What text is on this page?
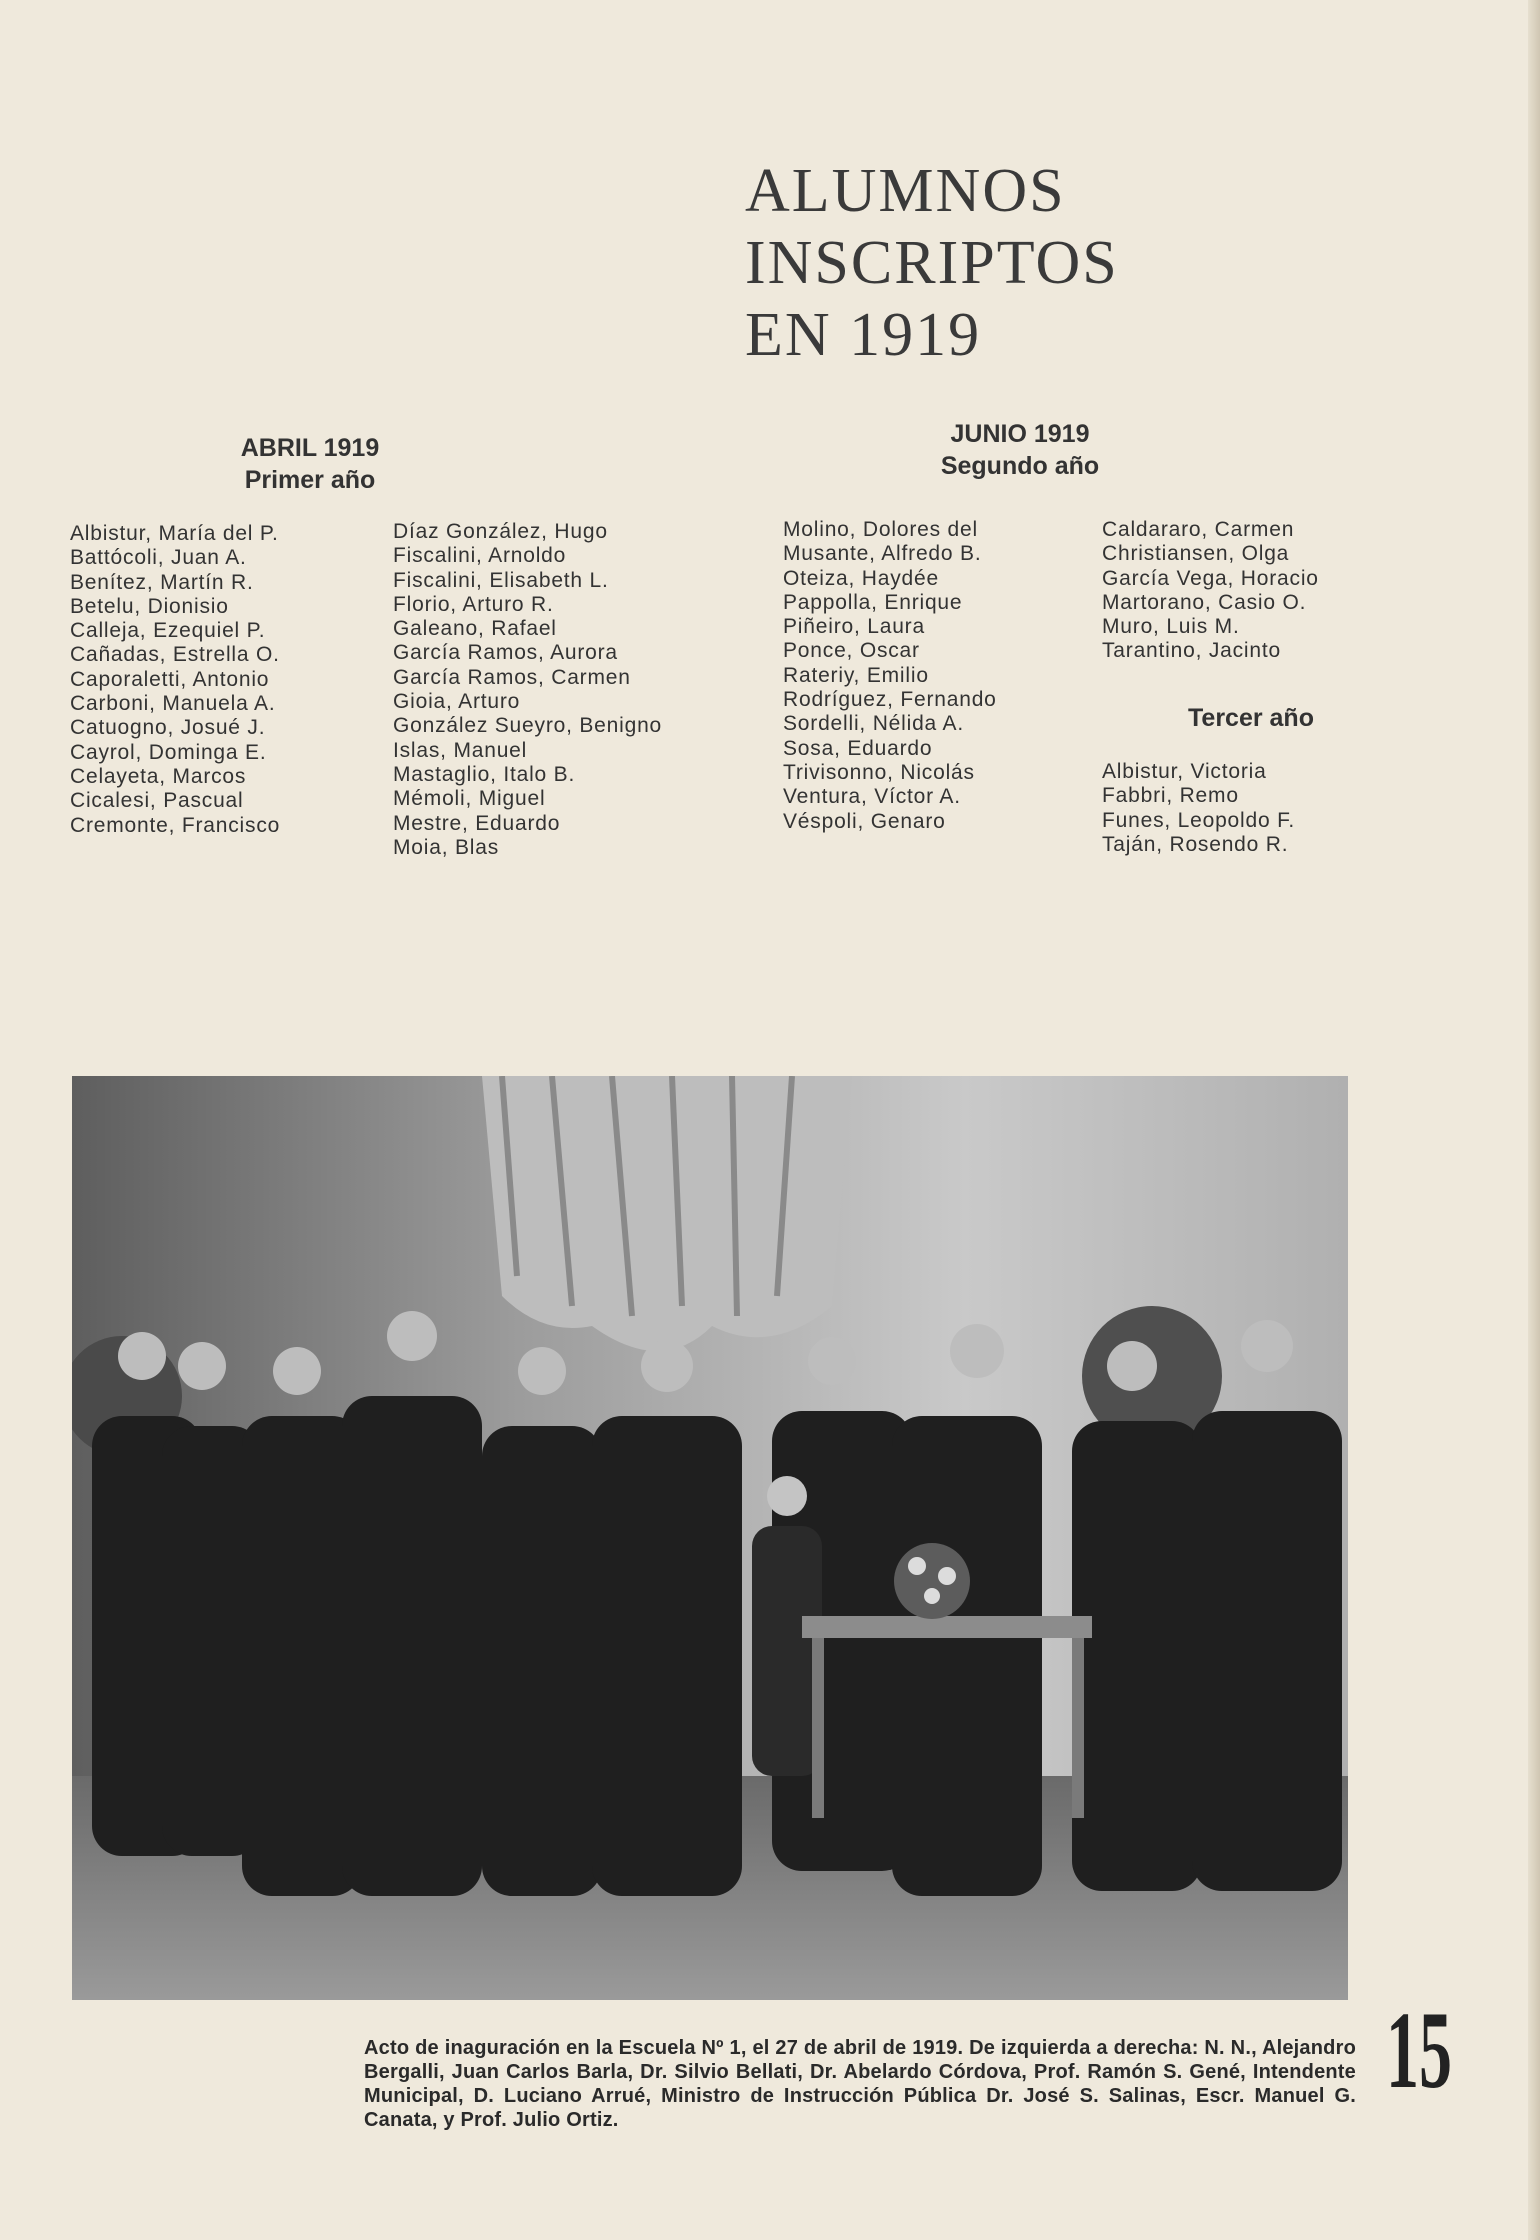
ALUMNOS
INSCRIPTOS
EN 1919
ABRIL 1919
Primer año
JUNIO 1919
Segundo año
Albistur, María del P.
Battócoli, Juan A.
Benítez, Martín R.
Betelu, Dionisio
Calleja, Ezequiel P.
Cañadas, Estrella O.
Caporaletti, Antonio
Carboni, Manuela A.
Catuogno, Josué J.
Cayrol, Dominga E.
Celayeta, Marcos
Cicalesi, Pascual
Cremonte, Francisco
Díaz González, Hugo
Fiscalini, Arnoldo
Fiscalini, Elisabeth L.
Florio, Arturo R.
Galeano, Rafael
García Ramos, Aurora
García Ramos, Carmen
Gioia, Arturo
González Sueyro, Benigno
Islas, Manuel
Mastaglio, Italo B.
Mémoli, Miguel
Mestre, Eduardo
Moia, Blas
Molino, Dolores del
Musante, Alfredo B.
Oteiza, Haydée
Pappolla, Enrique
Piñeiro, Laura
Ponce, Oscar
Rateriy, Emilio
Rodríguez, Fernando
Sordelli, Nélida A.
Sosa, Eduardo
Trivisonno, Nicolás
Ventura, Víctor A.
Véspoli, Genaro
Caldararo, Carmen
Christiansen, Olga
García Vega, Horacio
Martorano, Casio O.
Muro, Luis M.
Tarantino, Jacinto
Tercer año
Albistur, Victoria
Fabbri, Remo
Funes, Leopoldo F.
Taján, Rosendo R.

Acto de inaguración en la Escuela Nº 1, el 27 de abril de 1919. De izquierda a derecha: N. N., Alejandro Bergalli, Juan Carlos Barla, Dr. Silvio Bellati, Dr. Abelardo Córdova, Prof. Ramón S. Gené, Intendente Municipal, D. Luciano Arrué, Ministro de Instrucción Pública Dr. José S. Salinas, Escr. Manuel G. Canata, y Prof. Julio Ortiz.

15
